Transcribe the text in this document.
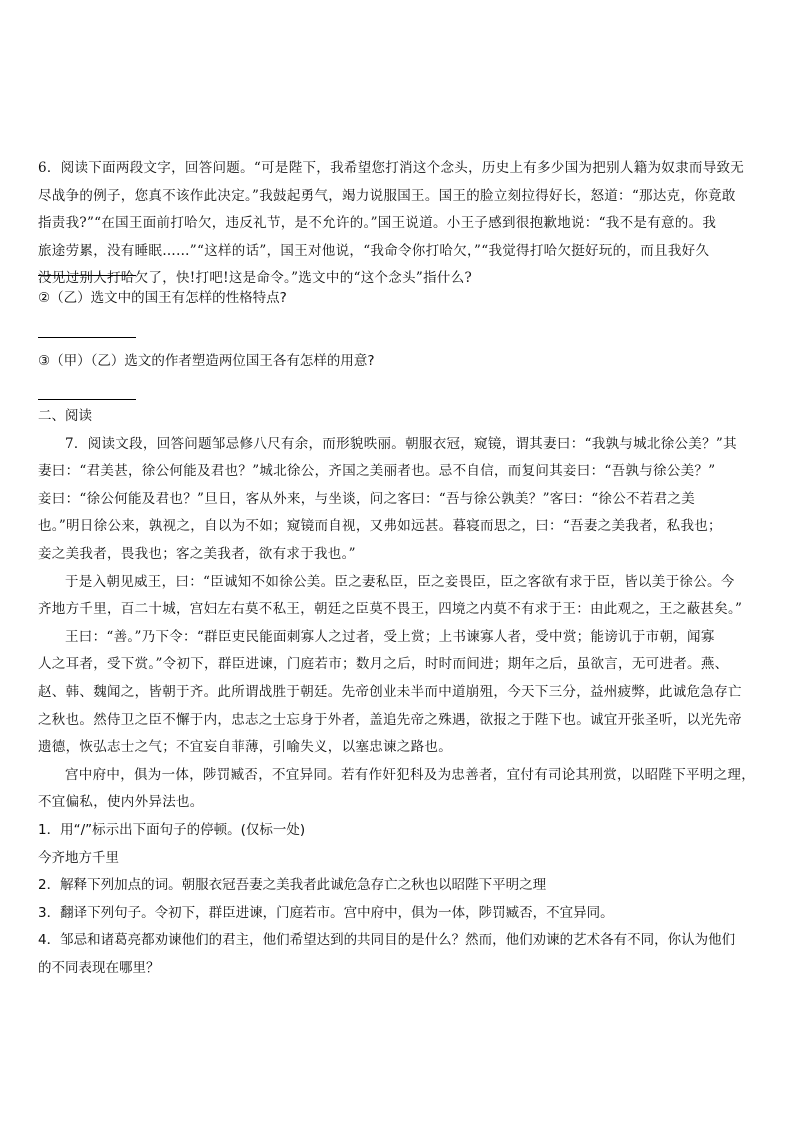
6．阅读下面两段文字，回答问题。“可是陛下，我希望您打消这个念头，历史上有多少国为把别人籍为奴隶而导致无

尽战争的例子，您真不该作此决定。”我鼓起勇气，竭力说服国王。国王的脸立刻拉得好长，怒道：“那达克，你竟敢

指责我?”“在国王面前打哈欠，违反礼节，是不允许的。”国王说道。小王子感到很抱歉地说：“我不是有意的。我

旅途劳累，没有睡眠……”“这样的话”，国王对他说，“我命令你打哈欠，”“我觉得打哈欠挺好玩的，而且我好久

没见过别人打哈欠了，快!打吧!这是命令。”选文中的“这个念头”指什么?

②（乙）选文中的国王有怎样的性格特点?

③（甲）（乙）选文的作者塑造两位国王各有怎样的用意?

二、阅读

7．阅读文段，回答问题邹忌修八尺有余，而形貌昳丽。朝服衣冠，窥镜，谓其妻曰：“我孰与城北徐公美？”其

妻曰：“君美甚，徐公何能及君也？”城北徐公，齐国之美丽者也。忌不自信，而复问其妾曰：“吾孰与徐公美？”

妾曰：“徐公何能及君也？”旦日，客从外来，与坐谈，问之客曰：“吾与徐公孰美？”客曰：“徐公不若君之美

也。”明日徐公来，孰视之，自以为不如；窥镜而自视，又弗如远甚。暮寝而思之，曰：“吾妻之美我者，私我也；

妾之美我者，畏我也；客之美我者，欲有求于我也。”

于是入朝见威王，曰：“臣诚知不如徐公美。臣之妻私臣，臣之妾畏臣，臣之客欲有求于臣，皆以美于徐公。今

齐地方千里，百二十城，宫妇左右莫不私王，朝廷之臣莫不畏王，四境之内莫不有求于王：由此观之，王之蔽甚矣。”

王曰：“善。”乃下令：“群臣吏民能面刺寡人之过者，受上赏；上书谏寡人者，受中赏；能谤讥于市朝，闻寡

人之耳者，受下赏。”令初下，群臣进谏，门庭若市；数月之后，时时而间进；期年之后，虽欲言，无可进者。燕、

赵、韩、魏闻之，皆朝于齐。此所谓战胜于朝廷。先帝创业未半而中道崩殂，今天下三分，益州疲弊，此诚危急存亡

之秋也。然侍卫之臣不懈于内，忠志之士忘身于外者，盖追先帝之殊遇，欲报之于陛下也。诚宜开张圣听，以光先帝

遗德，恢弘志士之气；不宜妄自菲薄，引喻失义，以塞忠谏之路也。

宫中府中，俱为一体，陟罚臧否，不宜异同。若有作奸犯科及为忠善者，宜付有司论其刑赏，以昭陛下平明之理，

不宜偏私，使内外异法也。

1．用“/”标示出下面句子的停顿。(仅标一处)

今齐地方千里

2．解释下列加点的词。朝服衣冠吾妻之美我者此诚危急存亡之秋也以昭陛下平明之理

3．翻译下列句子。令初下，群臣进谏，门庭若市。宫中府中，俱为一体，陟罚臧否，不宜异同。

4．邹忌和诸葛亮都劝谏他们的君主，他们希望达到的共同目的是什么？然而，他们劝谏的艺术各有不同，你认为他们

的不同表现在哪里？
